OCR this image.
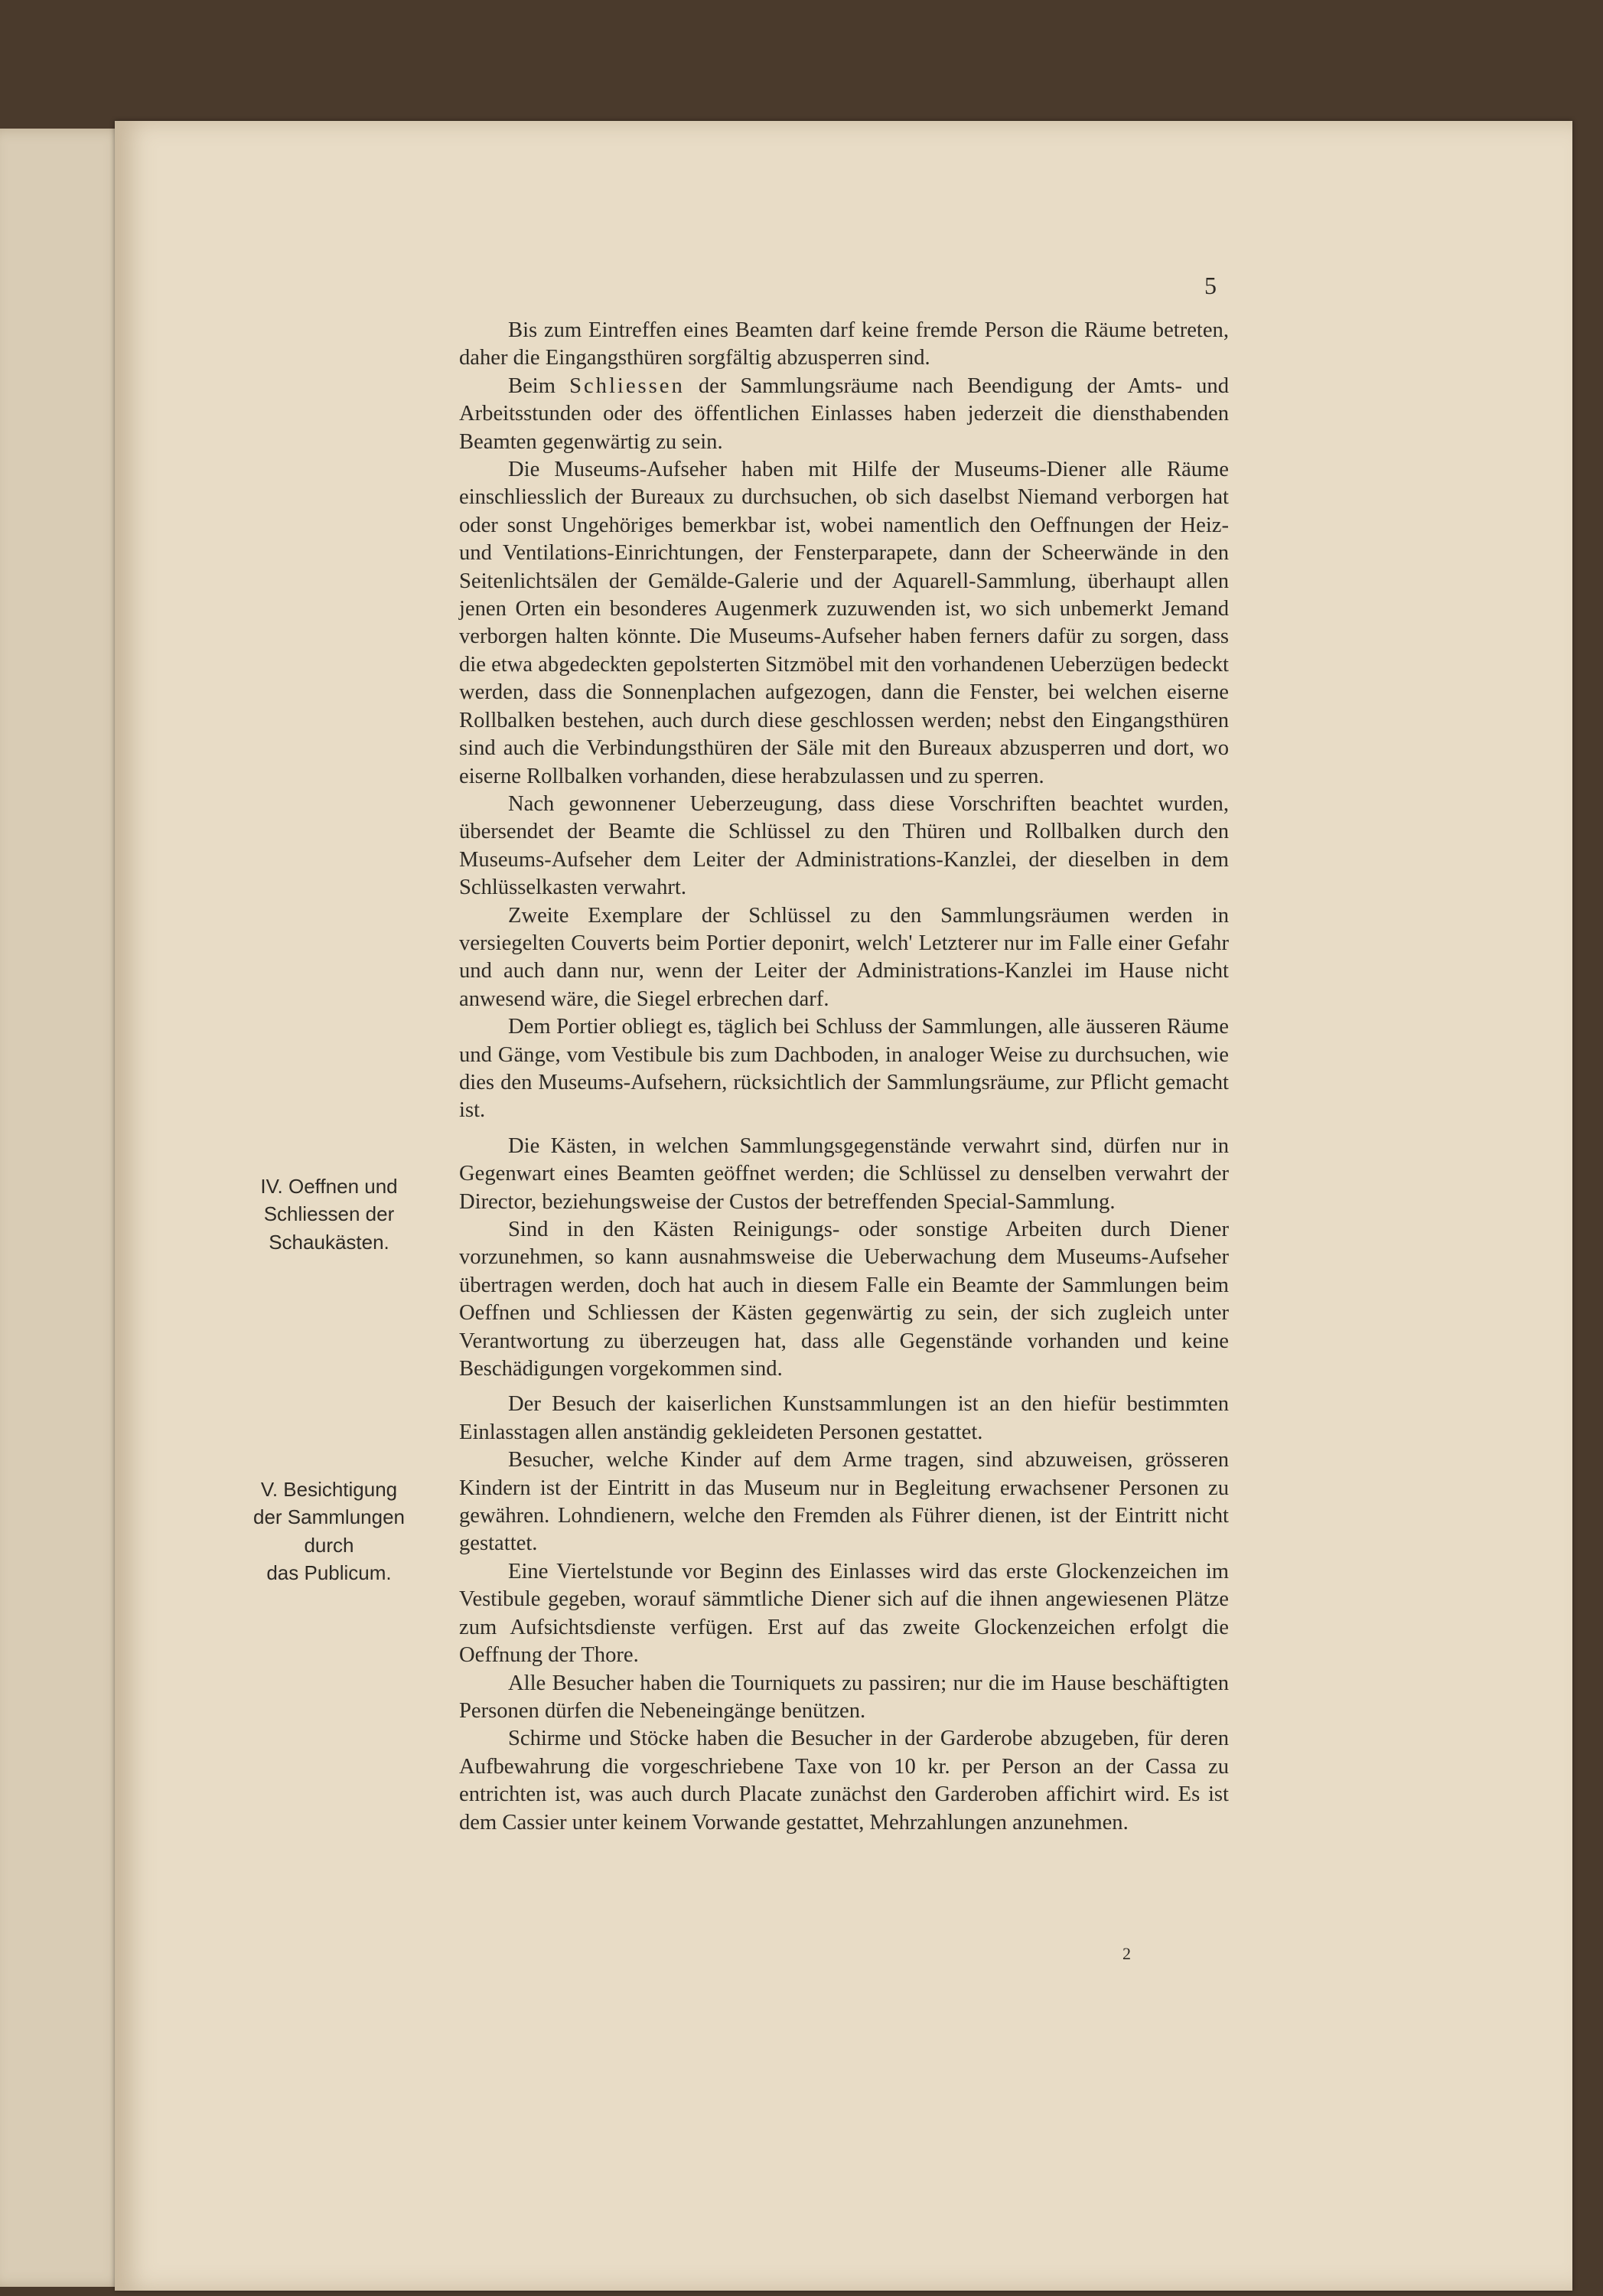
5
IV. Oeffnen und
Schliessen der
Schaukästen.
V. Besichtigung
der Sammlungen
durch
das Publicum.

Bis zum Eintreffen eines Beamten darf keine fremde Person die Räume betreten, daher die Eingangsthüren sorgfältig abzusperren sind.

Beim Schliessen der Sammlungsräume nach Beendigung der Amts- und Arbeitsstunden oder des öffentlichen Einlasses haben jederzeit die diensthabenden Beamten gegenwärtig zu sein.

Die Museums-Aufseher haben mit Hilfe der Museums-Diener alle Räume einschliesslich der Bureaux zu durchsuchen, ob sich daselbst Niemand verborgen hat oder sonst Ungehöriges bemerkbar ist, wobei namentlich den Oeffnungen der Heiz- und Ventilations-Einrichtungen, der Fensterparapete, dann der Scheerwände in den Seitenlichtsälen der Gemälde-Galerie und der Aquarell-Sammlung, überhaupt allen jenen Orten ein besonderes Augenmerk zuzuwenden ist, wo sich unbemerkt Jemand verborgen halten könnte. Die Museums-Aufseher haben ferners dafür zu sorgen, dass die etwa abgedeckten gepolsterten Sitzmöbel mit den vorhandenen Ueberzügen bedeckt werden, dass die Sonnenplachen aufgezogen, dann die Fenster, bei welchen eiserne Rollbalken bestehen, auch durch diese geschlossen werden; nebst den Eingangsthüren sind auch die Verbindungsthüren der Säle mit den Bureaux abzusperren und dort, wo eiserne Rollbalken vorhanden, diese herabzulassen und zu sperren.

Nach gewonnener Ueberzeugung, dass diese Vorschriften beachtet wurden, übersendet der Beamte die Schlüssel zu den Thüren und Rollbalken durch den Museums-Aufseher dem Leiter der Administrations-Kanzlei, der dieselben in dem Schlüsselkasten verwahrt.

Zweite Exemplare der Schlüssel zu den Sammlungsräumen werden in versiegelten Couverts beim Portier deponirt, welch' Letzterer nur im Falle einer Gefahr und auch dann nur, wenn der Leiter der Administrations-Kanzlei im Hause nicht anwesend wäre, die Siegel erbrechen darf.

Dem Portier obliegt es, täglich bei Schluss der Sammlungen, alle äusseren Räume und Gänge, vom Vestibule bis zum Dachboden, in analoger Weise zu durchsuchen, wie dies den Museums-Aufsehern, rücksichtlich der Sammlungsräume, zur Pflicht gemacht ist.

Die Kästen, in welchen Sammlungsgegenstände verwahrt sind, dürfen nur in Gegenwart eines Beamten geöffnet werden; die Schlüssel zu denselben verwahrt der Director, beziehungsweise der Custos der betreffenden Special-Sammlung.

Sind in den Kästen Reinigungs- oder sonstige Arbeiten durch Diener vorzunehmen, so kann ausnahmsweise die Ueberwachung dem Museums-Aufseher übertragen werden, doch hat auch in diesem Falle ein Beamte der Sammlungen beim Oeffnen und Schliessen der Kästen gegenwärtig zu sein, der sich zugleich unter Verantwortung zu überzeugen hat, dass alle Gegenstände vorhanden und keine Beschädigungen vorgekommen sind.

Der Besuch der kaiserlichen Kunstsammlungen ist an den hiefür bestimmten Einlasstagen allen anständig gekleideten Personen gestattet.

Besucher, welche Kinder auf dem Arme tragen, sind abzuweisen, grösseren Kindern ist der Eintritt in das Museum nur in Begleitung erwachsener Personen zu gewähren. Lohndienern, welche den Fremden als Führer dienen, ist der Eintritt nicht gestattet.

Eine Viertelstunde vor Beginn des Einlasses wird das erste Glockenzeichen im Vestibule gegeben, worauf sämmtliche Diener sich auf die ihnen angewiesenen Plätze zum Aufsichtsdienste verfügen. Erst auf das zweite Glockenzeichen erfolgt die Oeffnung der Thore.

Alle Besucher haben die Tourniquets zu passiren; nur die im Hause beschäftigten Personen dürfen die Nebeneingänge benützen.

Schirme und Stöcke haben die Besucher in der Garderobe abzugeben, für deren Aufbewahrung die vorgeschriebene Taxe von 10 kr. per Person an der Cassa zu entrichten ist, was auch durch Placate zunächst den Garderoben affichirt wird. Es ist dem Cassier unter keinem Vorwande gestattet, Mehrzahlungen anzunehmen.

2
